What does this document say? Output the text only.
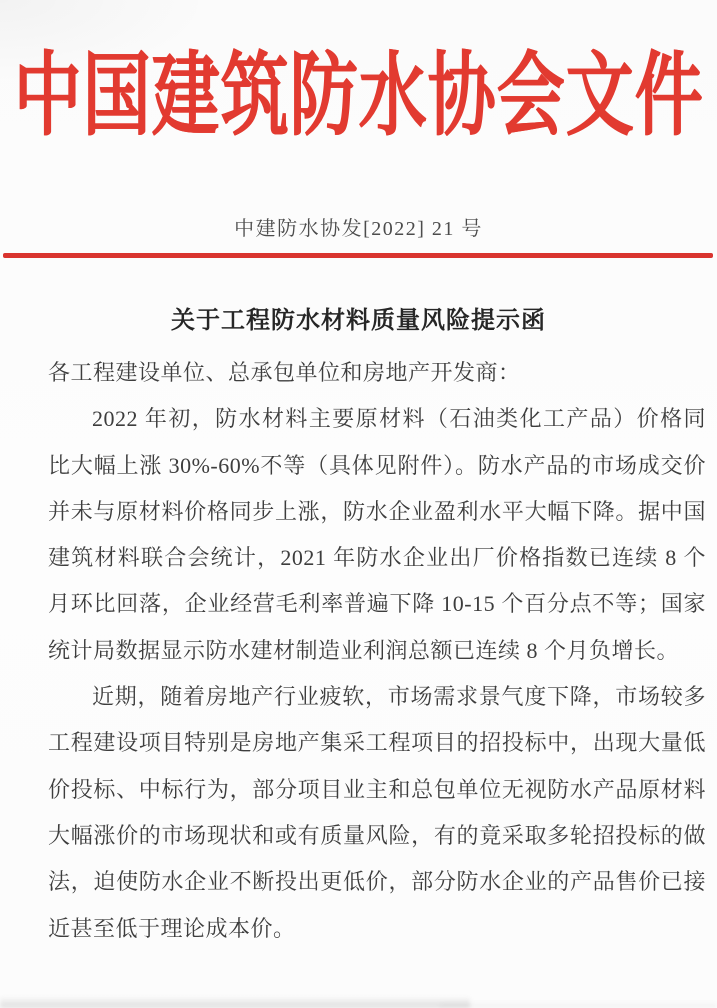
中国建筑防水协会文件
中建防水协发[2022] 21 号
关于工程防水材料质量风险提示函

各工程建设单位、总承包单位和房地产开发商：

2022 年初，防水材料主要原材料（石油类化工产品）价格同比大幅上涨 30%-60%不等（具体见附件）。防水产品的市场成交价并未与原材料价格同步上涨，防水企业盈利水平大幅下降。据中国建筑材料联合会统计，2021 年防水企业出厂价格指数已连续 8 个月环比回落，企业经营毛利率普遍下降 10-15 个百分点不等；国家统计局数据显示防水建材制造业利润总额已连续 8 个月负增长。

近期，随着房地产行业疲软，市场需求景气度下降，市场较多工程建设项目特别是房地产集采工程项目的招投标中，出现大量低价投标、中标行为，部分项目业主和总包单位无视防水产品原材料大幅涨价的市场现状和或有质量风险，有的竟采取多轮招投标的做法，迫使防水企业不断投出更低价，部分防水企业的产品售价已接近甚至低于理论成本价。
